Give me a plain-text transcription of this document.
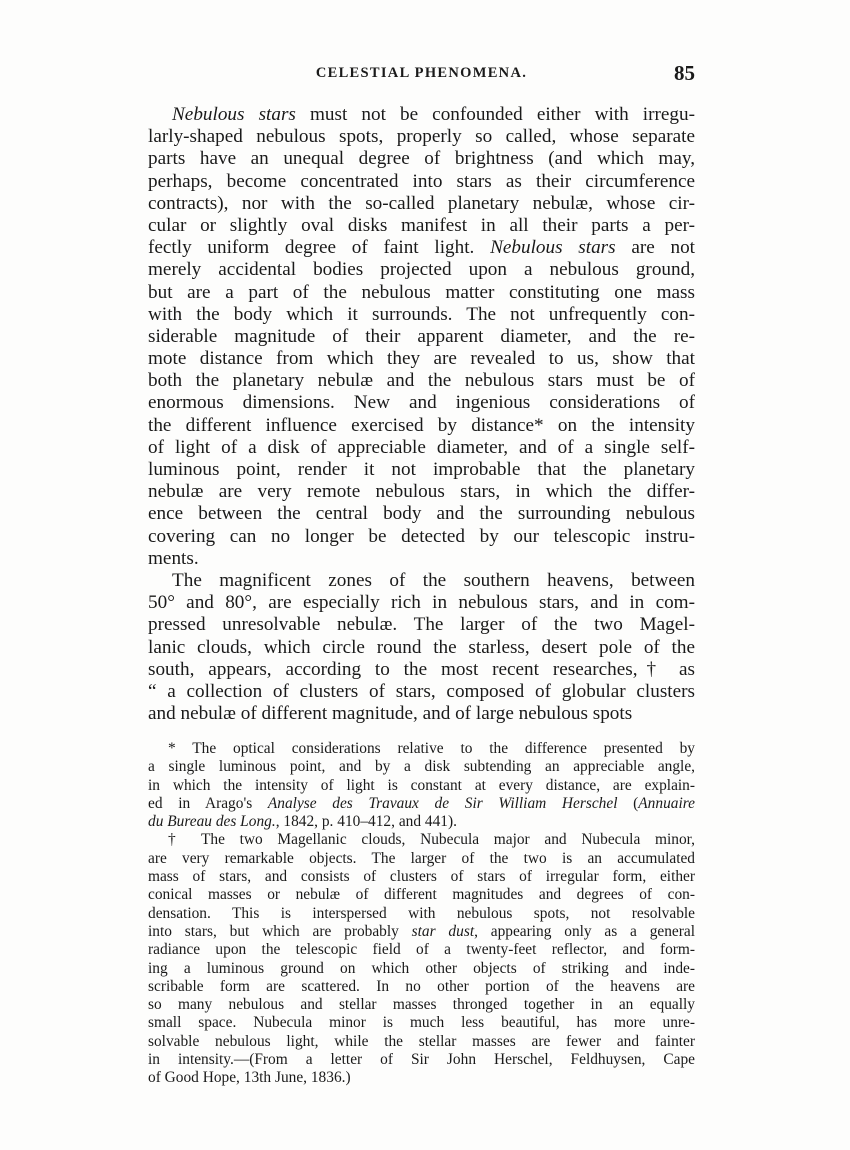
CELESTIAL PHENOMENA.	85
Nebulous stars must not be confounded either with irregu-
larly-shaped nebulous spots, properly so called, whose separate
parts have an unequal degree of brightness (and which may,
perhaps, become concentrated into stars as their circumference
contracts), nor with the so-called planetary nebulæ, whose cir-
cular or slightly oval disks manifest in all their parts a per-
fectly uniform degree of faint light. Nebulous stars are not
merely accidental bodies projected upon a nebulous ground,
but are a part of the nebulous matter constituting one mass
with the body which it surrounds. The not unfrequently con-
siderable magnitude of their apparent diameter, and the re-
mote distance from which they are revealed to us, show that
both the planetary nebulæ and the nebulous stars must be of
enormous dimensions. New and ingenious considerations of
the different influence exercised by distance* on the intensity
of light of a disk of appreciable diameter, and of a single self-
luminous point, render it not improbable that the planetary
nebulæ are very remote nebulous stars, in which the differ-
ence between the central body and the surrounding nebulous
covering can no longer be detected by our telescopic instru-
ments.
The magnificent zones of the southern heavens, between
50° and 80°, are especially rich in nebulous stars, and in com-
pressed unresolvable nebulæ. The larger of the two Magel-
lanic clouds, which circle round the starless, desert pole of the
south, appears, according to the most recent researches,† as
“ a collection of clusters of stars, composed of globular clusters
and nebulæ of different magnitude, and of large nebulous spots
* The optical considerations relative to the difference presented by
a single luminous point, and by a disk subtending an appreciable angle,
in which the intensity of light is constant at every distance, are explain-
ed in Arago's Analyse des Travaux de Sir William Herschel (Annuaire
du Bureau des Long., 1842, p. 410–412, and 441).
† The two Magellanic clouds, Nubecula major and Nubecula minor,
are very remarkable objects. The larger of the two is an accumulated
mass of stars, and consists of clusters of stars of irregular form, either
conical masses or nebulæ of different magnitudes and degrees of con-
densation. This is interspersed with nebulous spots, not resolvable
into stars, but which are probably star dust, appearing only as a general
radiance upon the telescopic field of a twenty-feet reflector, and form-
ing a luminous ground on which other objects of striking and inde-
scribable form are scattered. In no other portion of the heavens are
so many nebulous and stellar masses thronged together in an equally
small space. Nubecula minor is much less beautiful, has more unre-
solvable nebulous light, while the stellar masses are fewer and fainter
in intensity.—(From a letter of Sir John Herschel, Feldhuysen, Cape
of Good Hope, 13th June, 1836.)
